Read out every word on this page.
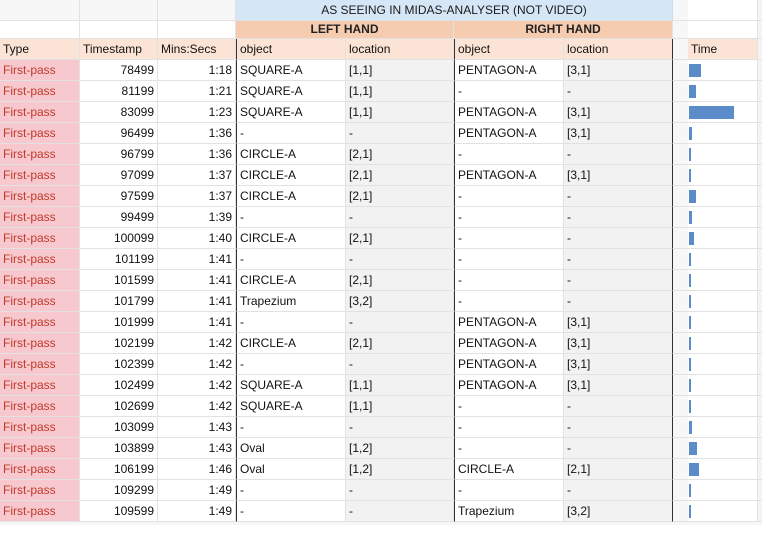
AS SEEING IN MIDAS-ANALYSER (NOT VIDEO)
LEFT HAND	RIGHT HAND
Type	Timestamp	Mins:Secs	object	location	object	location	Time
First-pass	78499	1:18 SQUARE-A	[1,1]	PENTAGON-A	[3,1]
First-pass	81199	1:21 SQUARE-A	[1,1]	-	-
First-pass	83099	1:23 SQUARE-A	[1,1]	PENTAGON-A	[3,1]
First-pass	96499	1:36 -	-	PENTAGON-A	[3,1]
First-pass	96799	1:36 CIRCLE-A	[2,1]	-	-
First-pass	97099	1:37 CIRCLE-A	[2,1]	PENTAGON-A	[3,1]
First-pass	97599	1:37 CIRCLE-A	[2,1]	-	-
First-pass	99499	1:39 -	-	-	-
First-pass	100099	1:40 CIRCLE-A	[2,1]	-	-
First-pass	101199	1:41 -	-	-	-
First-pass	101599	1:41 CIRCLE-A	[2,1]	-	-
First-pass	101799	1:41 Trapezium	[3,2]	-	-
First-pass	101999	1:41 -	-	PENTAGON-A	[3,1]
First-pass	102199	1:42 CIRCLE-A	[2,1]	PENTAGON-A	[3,1]
First-pass	102399	1:42 -	-	PENTAGON-A	[3,1]
First-pass	102499	1:42 SQUARE-A	[1,1]	PENTAGON-A	[3,1]
First-pass	102699	1:42 SQUARE-A	[1,1]	-	-
First-pass	103099	1:43 -	-	-	-
First-pass	103899	1:43 Oval	[1,2]	-	-
First-pass	106199	1:46 Oval	[1,2]	CIRCLE-A	[2,1]
First-pass	109299	1:49 -	-	-	-
First-pass	109599	1:49 -	-	Trapezium	[3,2]
